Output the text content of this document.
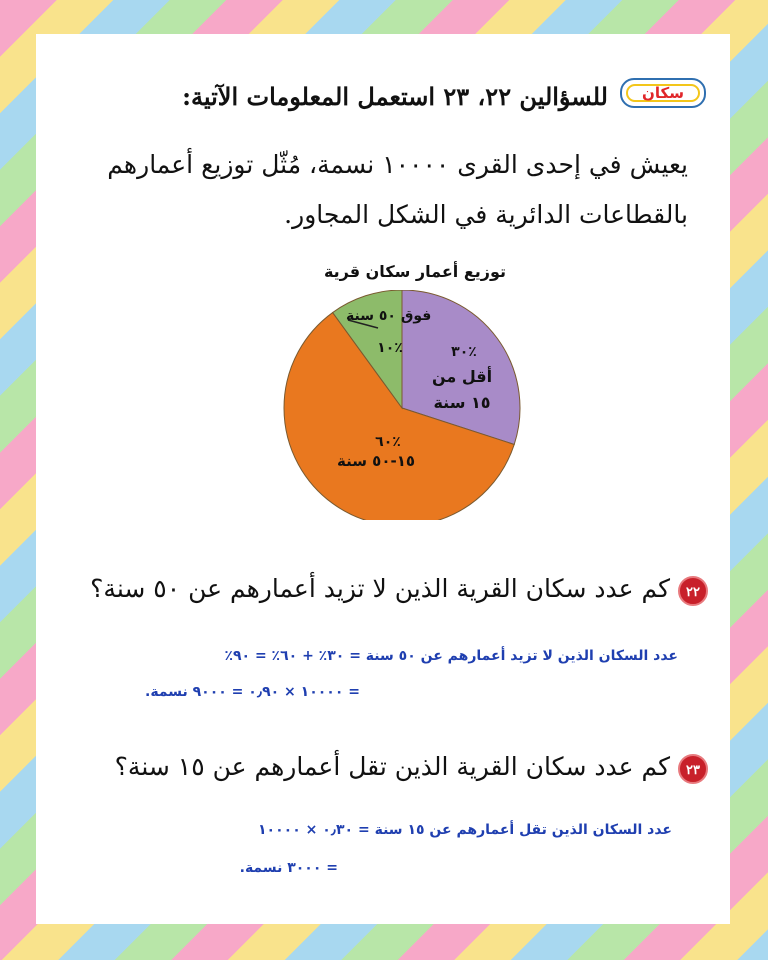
سكان
للسؤالين ٢٢، ٢٣ استعمل المعلومات الآتية:
يعيش في إحدى القرى ١٠٠٠٠ نسمة، مُثّل توزيع أعمارهم بالقطاعات الدائرية في الشكل المجاور.
توزيع أعمار سكان قرية
فوق ٥٠ سنة
١٠٪	٣٠٪
أقل من
١٥ سنة
٦٠٪
١٥-٥٠ سنة
٢٢كم عدد سكان القرية الذين لا تزيد أعمارهم عن ٥٠ سنة؟
عدد السكان الذين لا تزيد أعمارهم عن ٥٠ سنة = ٣٠٪ + ٦٠٪ = ٩٠٪
= ١٠٠٠٠ × ٠٫٩٠ = ٩٠٠٠ نسمة.
٢٣كم عدد سكان القرية الذين تقل أعمارهم عن ١٥ سنة؟
عدد السكان الذين تقل أعمارهم عن ١٥ سنة = ٠٫٣٠ × ١٠٠٠٠
= ٣٠٠٠ نسمة.
